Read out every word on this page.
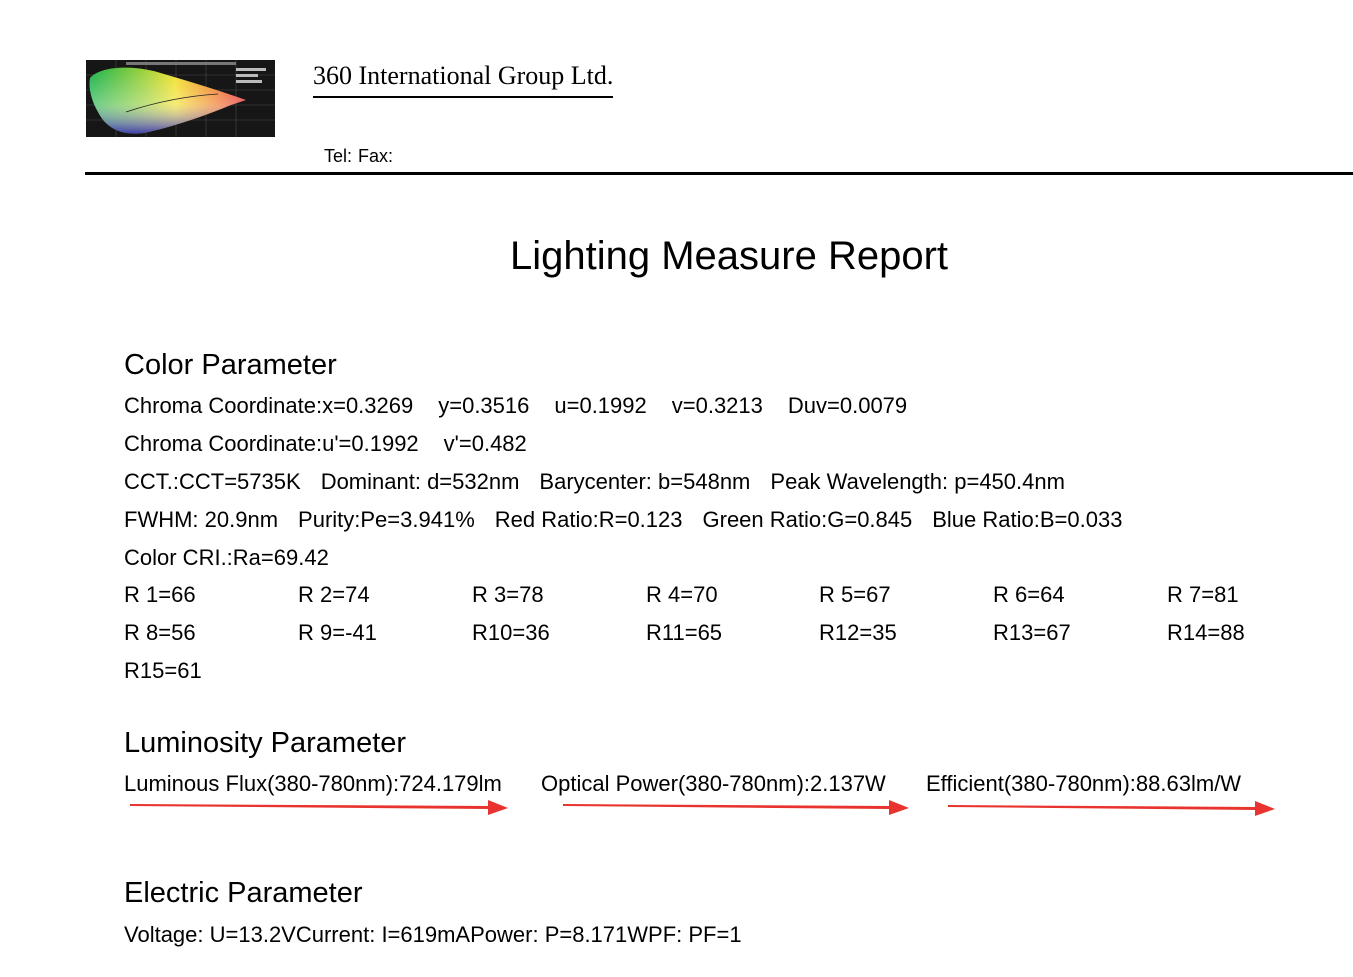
360 International Group Ltd.
Tel: Fax:
Lighting Measure Report
Color Parameter
Chroma Coordinate:x=0.3269 y=0.3516 u=0.1992 v=0.3213 Duv=0.0079
Chroma Coordinate:u'=0.1992 v'=0.482
CCT.:CCT=5735K Dominant: d=532nm Barycenter: b=548nm Peak Wavelength: p=450.4nm
FWHM: 20.9nm Purity:Pe=3.941% Red Ratio:R=0.123 Green Ratio:G=0.845 Blue Ratio:B=0.033
Color CRI.:Ra=69.42
R 1=66	R 2=74	R 3=78	R 4=70	R 5=67	R 6=64	R 7=81
R 8=56	R 9=-41	R10=36	R11=65	R12=35	R13=67	R14=88
R15=61
Luminosity Parameter
Luminous Flux(380-780nm):724.179lm Optical Power(380-780nm):2.137W Efficient(380-780nm):88.63lm/W
Electric Parameter
Voltage: U=13.2VCurrent: I=619mAPower: P=8.171WPF: PF=1
